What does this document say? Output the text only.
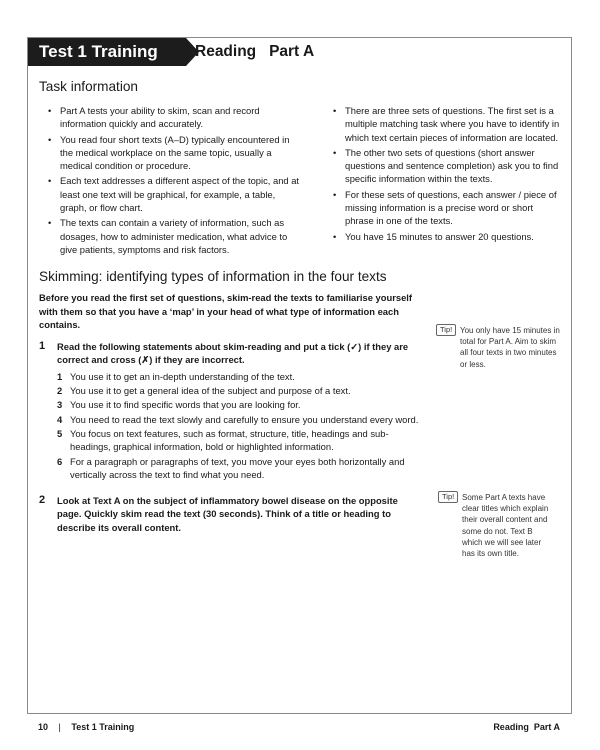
Test 1 Training	Reading   Part A
Task information
• Part A tests your ability to skim, scan and record information quickly and accurately.
• You read four short texts (A–D) typically encountered in the medical workplace on the same topic, usually a medical condition or procedure.
• Each text addresses a different aspect of the topic, and at least one text will be graphical, for example, a table, graph, or flow chart.
• The texts can contain a variety of information, such as dosages, how to administer medication, what advice to give patients, symptoms and risk factors.
• There are three sets of questions. The first set is a multiple matching task where you have to identify in which text certain pieces of information are located.
• The other two sets of questions (short answer questions and sentence completion) ask you to find specific information within the texts.
• For these sets of questions, each answer / piece of missing information is a precise word or short phrase in one of the texts.
• You have 15 minutes to answer 20 questions.
Skimming: identifying types of information in the four texts
Before you read the first set of questions, skim-read the texts to familiarise yourself with them so that you have a ‘map’ in your head of what type of information each contains.
1	Read the following statements about skim-reading and put a tick (✓) if they are correct and cross (✗) if they are incorrect.
1 You use it to get an in-depth understanding of the text.
2 You use it to get a general idea of the subject and purpose of a text.
3 You use it to find specific words that you are looking for.
4 You need to read the text slowly and carefully to ensure you understand every word.
5 You focus on text features, such as format, structure, title, headings and sub-headings, graphical information, bold or highlighted information.
6 For a paragraph or paragraphs of text, you move your eyes both horizontally and vertically across the text to find what you need.
2	Look at Text A on the subject of inflammatory bowel disease on the opposite page. Quickly skim read the text (30 seconds). Think of a title or heading to describe its overall content.
Tip! You only have 15 minutes in total for Part A. Aim to skim all four texts in two minutes or less.
Tip! Some Part A texts have clear titles which explain their overall content and some do not. Text B which we will see later has its own title.
10 | Test 1 Training	Reading  Part A
